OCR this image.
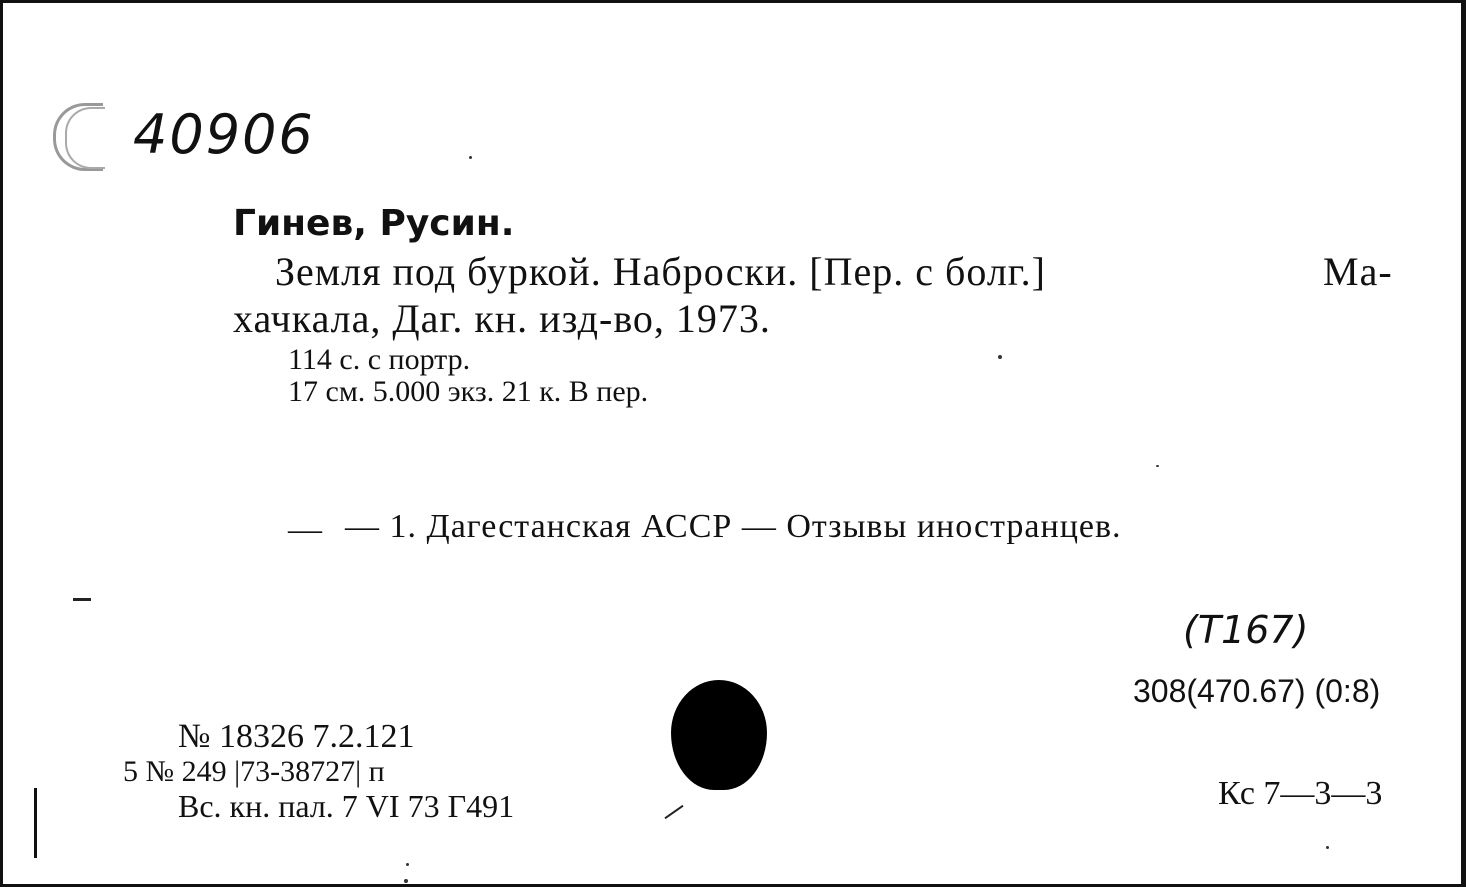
40906
Гинев, Русин.
Земля под буркой. Наброски. [Пер. с болг.]	Ма-
хачкала, Даг. кн. изд-во, 1973.
114 с. с портр.
17 см. 5.000 экз. 21 к. В пер.
— — 1. Дагестанская АССР — Отзывы иностранцев.
(Т167)
308(470.67) (0:8)
Кс 7—3—3
№ 18326 7.2.121
5 № 249 |73-38727| п
Вс. кн. пал. 7 VI 73 Г491
